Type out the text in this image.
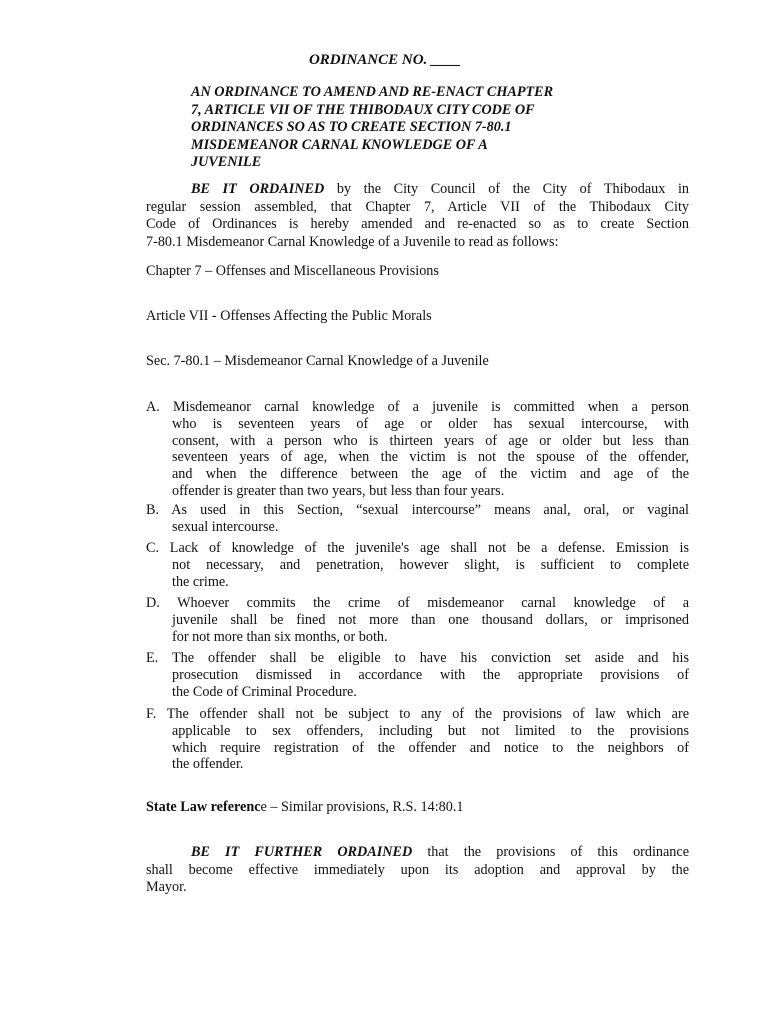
ORDINANCE NO. ____
AN ORDINANCE TO AMEND AND RE-ENACT CHAPTER
7, ARTICLE VII OF THE THIBODAUX CITY CODE OF
ORDINANCES SO AS TO CREATE SECTION 7-80.1
MISDEMEANOR CARNAL KNOWLEDGE OF A
JUVENILE
BE IT ORDAINED by the City Council of the City of Thibodaux in
regular session assembled, that Chapter 7, Article VII of the Thibodaux City
Code of Ordinances is hereby amended and re-enacted so as to create Section
7-80.1 Misdemeanor Carnal Knowledge of a Juvenile to read as follows:
Chapter 7 – Offenses and Miscellaneous Provisions
Article VII - Offenses Affecting the Public Morals
Sec. 7-80.1 – Misdemeanor Carnal Knowledge of a Juvenile
A. Misdemeanor carnal knowledge of a juvenile is committed when a person
who is seventeen years of age or older has sexual intercourse, with
consent, with a person who is thirteen years of age or older but less than
seventeen years of age, when the victim is not the spouse of the offender,
and when the difference between the age of the victim and age of the
offender is greater than two years, but less than four years.
B. As used in this Section, “sexual intercourse” means anal, oral, or vaginal
sexual intercourse.
C. Lack of knowledge of the juvenile's age shall not be a defense. Emission is
not necessary, and penetration, however slight, is sufficient to complete
the crime.
D. Whoever commits the crime of misdemeanor carnal knowledge of a
juvenile shall be fined not more than one thousand dollars, or imprisoned
for not more than six months, or both.
E. The offender shall be eligible to have his conviction set aside and his
prosecution dismissed in accordance with the appropriate provisions of
the Code of Criminal Procedure.
F. The offender shall not be subject to any of the provisions of law which are
applicable to sex offenders, including but not limited to the provisions
which require registration of the offender and notice to the neighbors of
the offender.
State Law reference – Similar provisions, R.S. 14:80.1
BE IT FURTHER ORDAINED that the provisions of this ordinance
shall become effective immediately upon its adoption and approval by the
Mayor.
